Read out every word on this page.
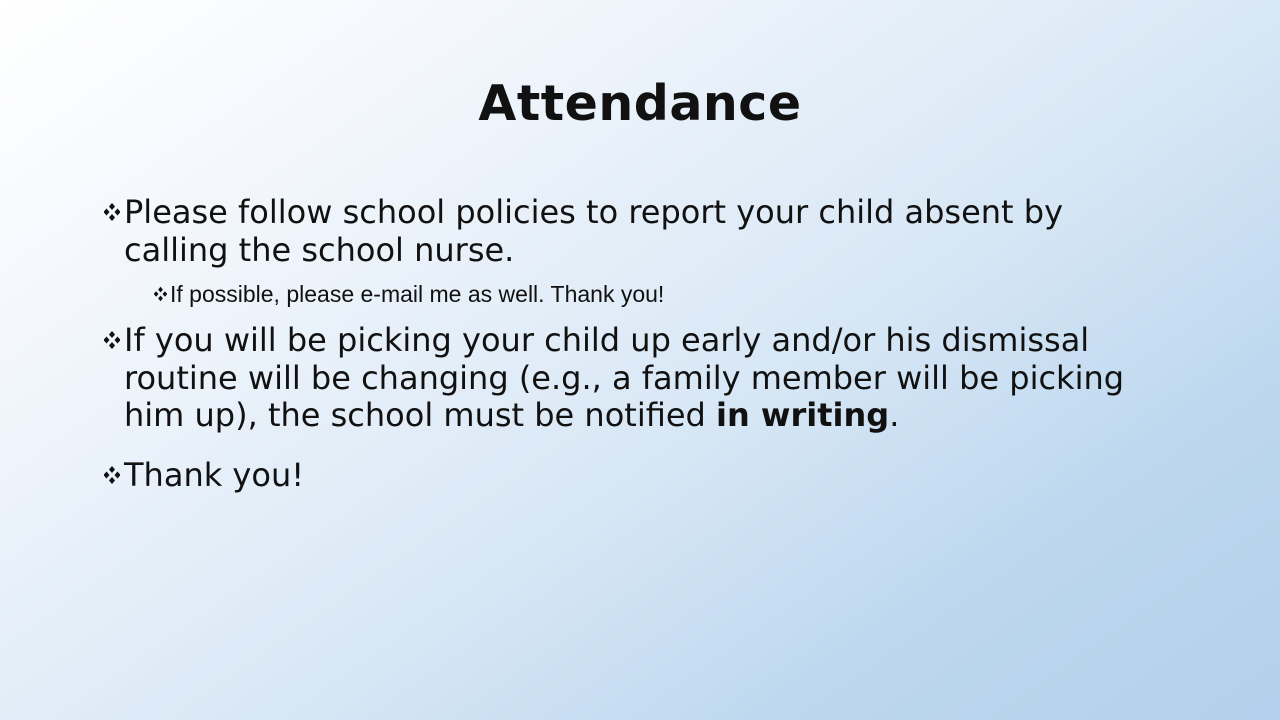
Attendance
Please follow school policies to report your child absent by calling the school nurse.
If possible, please e-mail me as well. Thank you!
If you will be picking your child up early and/or his dismissal routine will be changing (e.g., a family member will be picking him up), the school must be notified in writing.
Thank you!
